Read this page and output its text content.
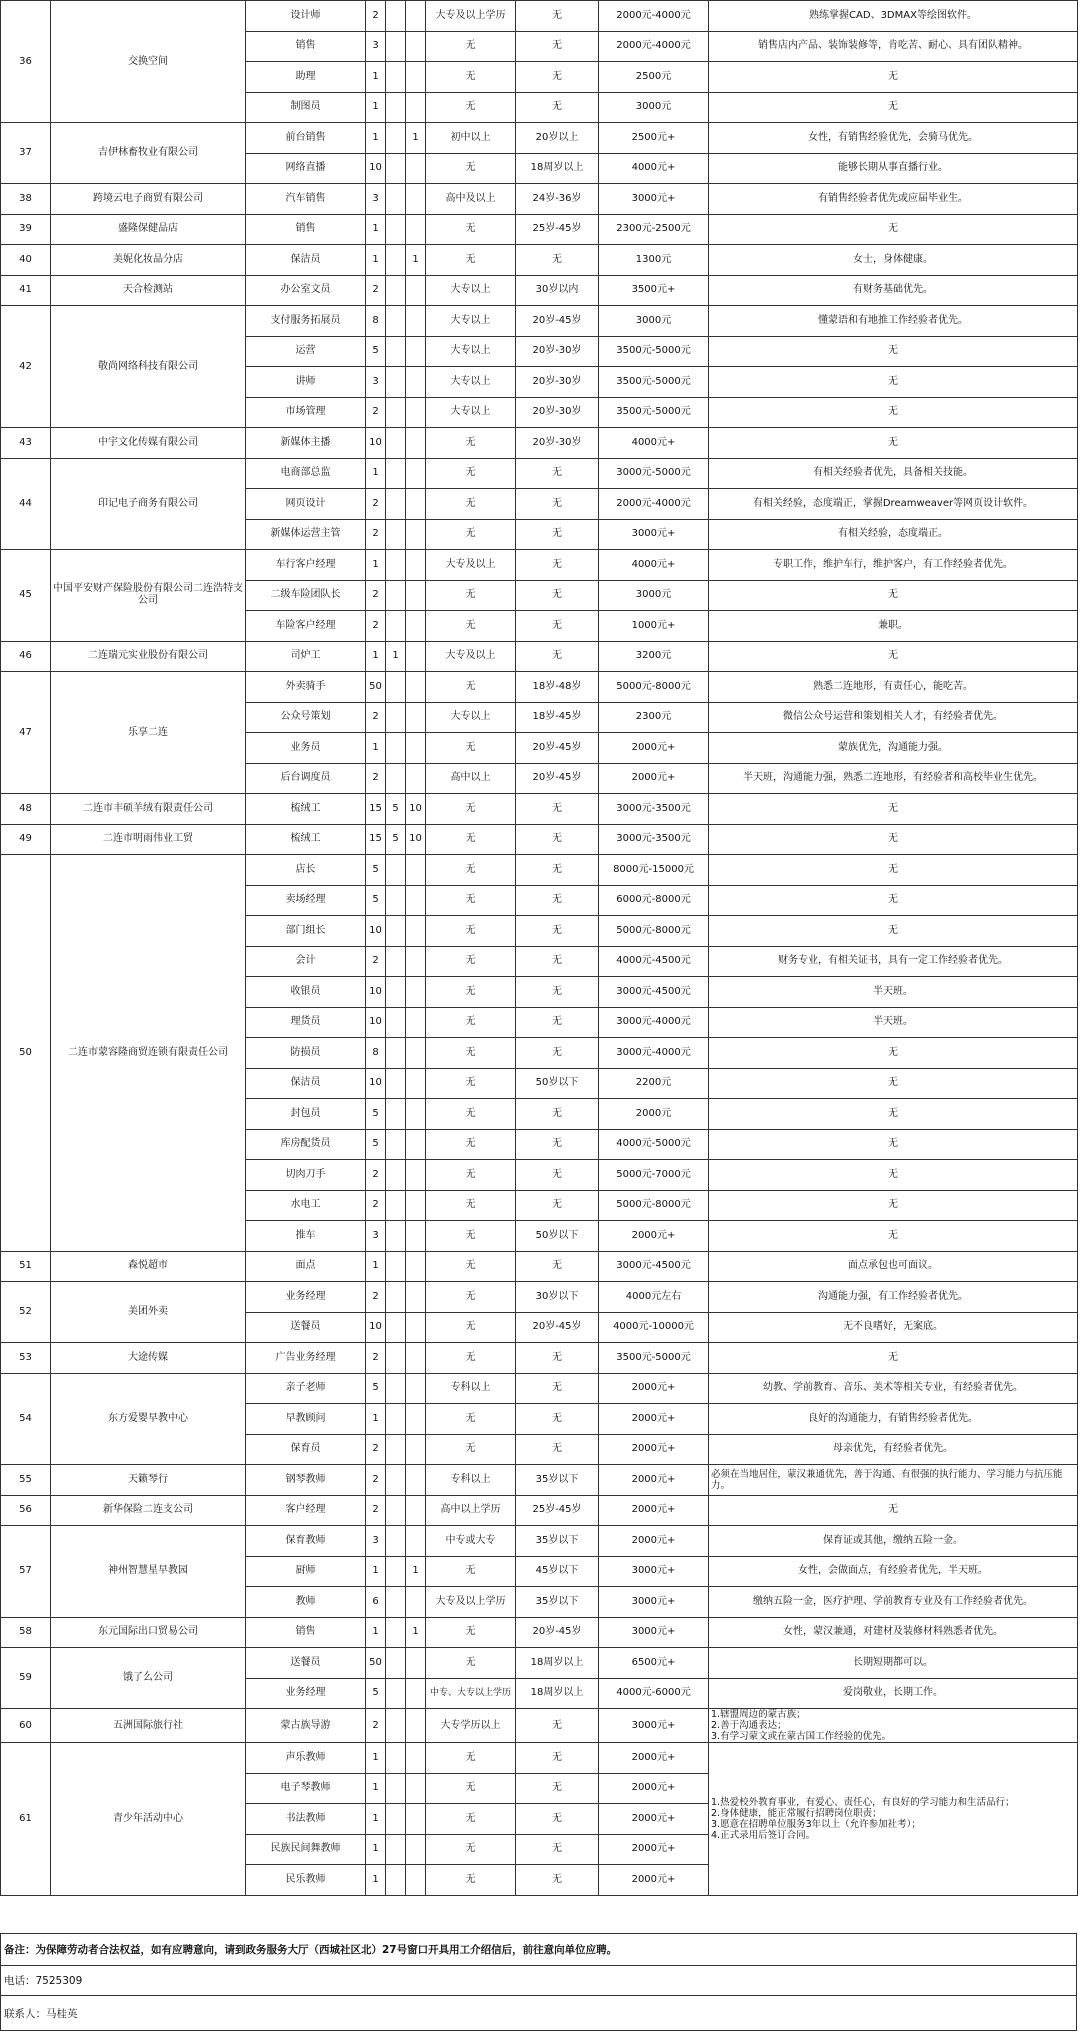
36	交换空间	设计师	2			大专及以上学历	无	2000元-4000元	熟练掌握CAD、3DMAX等绘图软件。
		销售	3			无	无	2000元-4000元	销售店内产品、装饰装修等，肯吃苦、耐心、具有团队精神。
		助理	1			无	无	2500元	无
		制图员	1			无	无	3000元	无
37	吉伊林畜牧业有限公司	前台销售	1		1	初中以上	20岁以上	2500元+	女性，有销售经验优先，会骑马优先。
		网络直播	10			无	18周岁以上	4000元+	能够长期从事直播行业。
38	跨境云电子商贸有限公司	汽车销售	3			高中及以上	24岁-36岁	3000元+	有销售经验者优先或应届毕业生。
39	盛隆保健品店	销售	1			无	25岁-45岁	2300元-2500元	无
40	美妮化妆品分店	保洁员	1		1	无	无	1300元	女士，身体健康。
41	天合检测站	办公室文员	2			大专以上	30岁以内	3500元+	有财务基础优先。
42	敬尚网络科技有限公司	支付服务拓展员	8			大专以上	20岁-45岁	3000元	懂蒙语和有地推工作经验者优先。
		运营	5			大专以上	20岁-30岁	3500元-5000元	无
		讲师	3			大专以上	20岁-30岁	3500元-5000元	无
		市场管理	2			大专以上	20岁-30岁	3500元-5000元	无
43	中宇文化传媒有限公司	新媒体主播	10			无	20岁-30岁	4000元+	无
44	印记电子商务有限公司	电商部总监	1			无	无	3000元-5000元	有相关经验者优先，具备相关技能。
		网页设计	2			无	无	2000元-4000元	有相关经验，态度端正，掌握Dreamweaver等网页设计软件。
		新媒体运营主管	2			无	无	3000元+	有相关经验，态度端正。
45	中国平安财产保险股份有限公司二连浩特支公司	车行客户经理	1			大专及以上	无	4000元+	专职工作，维护车行，维护客户，有工作经验者优先。
		二级车险团队长	2			无	无	3000元	无
		车险客户经理	2			无	无	1000元+	兼职。
46	二连瑞元实业股份有限公司	司炉工	1	1		大专及以上	无	3200元	无
47	乐享二连	外卖骑手	50			无	18岁-48岁	5000元-8000元	熟悉二连地形，有责任心，能吃苦。
		公众号策划	2			大专以上	18岁-45岁	2300元	微信公众号运营和策划相关人才，有经验者优先。
		业务员	1			无	20岁-45岁	2000元+	蒙族优先，沟通能力强。
		后台调度员	2			高中以上	20岁-45岁	2000元+	半天班，沟通能力强，熟悉二连地形，有经验者和高校毕业生优先。
48	二连市丰硕羊绒有限责任公司	梳绒工	15	5	10	无	无	3000元-3500元	无
49	二连市明雨伟业工贸	梳绒工	15	5	10	无	无	3000元-3500元	无
50	二连市蒙容隆商贸连锁有限责任公司	店长	5			无	无	8000元-15000元	无
		卖场经理	5			无	无	6000元-8000元	无
		部门组长	10			无	无	5000元-8000元	无
		会计	2			无	无	4000元-4500元	财务专业，有相关证书，具有一定工作经验者优先。
		收银员	10			无	无	3000元-4500元	半天班。
		理货员	10			无	无	3000元-4000元	半天班。
		防损员	8			无	无	3000元-4000元	无
		保洁员	10			无	50岁以下	2200元	无
		封包员	5			无	无	2000元	无
		库房配货员	5			无	无	4000元-5000元	无
		切肉刀手	2			无	无	5000元-7000元	无
		水电工	2			无	无	5000元-8000元	无
		推车	3			无	50岁以下	2000元+	无
51	森悦超市	面点	1			无	无	3000元-4500元	面点承包也可面议。
52	美团外卖	业务经理	2			无	30岁以下	4000元左右	沟通能力强，有工作经验者优先。
		送餐员	10			无	20岁-45岁	4000元-10000元	无不良嗜好，无案底。
53	大途传媒	广告业务经理	2			无	无	3500元-5000元	无
54	东方爱婴早教中心	亲子老师	5			专科以上	无	2000元+	幼教、学前教育、音乐、美术等相关专业，有经验者优先。
		早教顾问	1			无	无	2000元+	良好的沟通能力，有销售经验者优先。
		保育员	2			无	无	2000元+	母亲优先，有经验者优先。
55	天籁琴行	钢琴教师	2			专科以上	35岁以下	2000元+	必须在当地居住，蒙汉兼通优先，善于沟通、有很强的执行能力、学习能力与抗压能力。
56	新华保险二连支公司	客户经理	2			高中以上学历	25岁-45岁	2000元+	无
57	神州智慧星早教园	保育教师	3			中专或大专	35岁以下	2000元+	保育证或其他，缴纳五险一金。
		厨师	1		1	无	45岁以下	3000元+	女性，会做面点，有经验者优先，半天班。
		教师	6			大专及以上学历	35岁以下	3000元+	缴纳五险一金，医疗护理、学前教育专业及有工作经验者优先。
58	东元国际出口贸易公司	销售	1		1	无	20岁-45岁	3000元+	女性，蒙汉兼通，对建材及装修材料熟悉者优先。
59	饿了么公司	送餐员	50			无	18周岁以上	6500元+	长期短期都可以。
		业务经理	5			中专、大专以上学历	18周岁以上	4000元-6000元	爱岗敬业，长期工作。
60	五洲国际旅行社	蒙古族导游	2			大专学历以上	无	3000元+	1.辖盟周边的蒙古族；
2.善于沟通表达；
3.有学习蒙文或在蒙古国工作经验的优先。
61	青少年活动中心	声乐教师	1			无	无	2000元+	1.热爱校外教育事业，有爱心、责任心，有良好的学习能力和生活品行；
2.身体健康，能正常履行招聘岗位职责；
3.愿意在招聘单位服务3年以上（允许参加社考）；
4.正式录用后签订合同。
		电子琴教师	1			无	无	2000元+	
		书法教师	1			无	无	2000元+	
		民族民间舞教师	1			无	无	2000元+	
		民乐教师	1			无	无	2000元+	
备注：为保障劳动者合法权益，如有应聘意向，请到政务服务大厅（西城社区北）27号窗口开具用工介绍信后，前往意向单位应聘。
电话：7525309
联系人：马桂英
